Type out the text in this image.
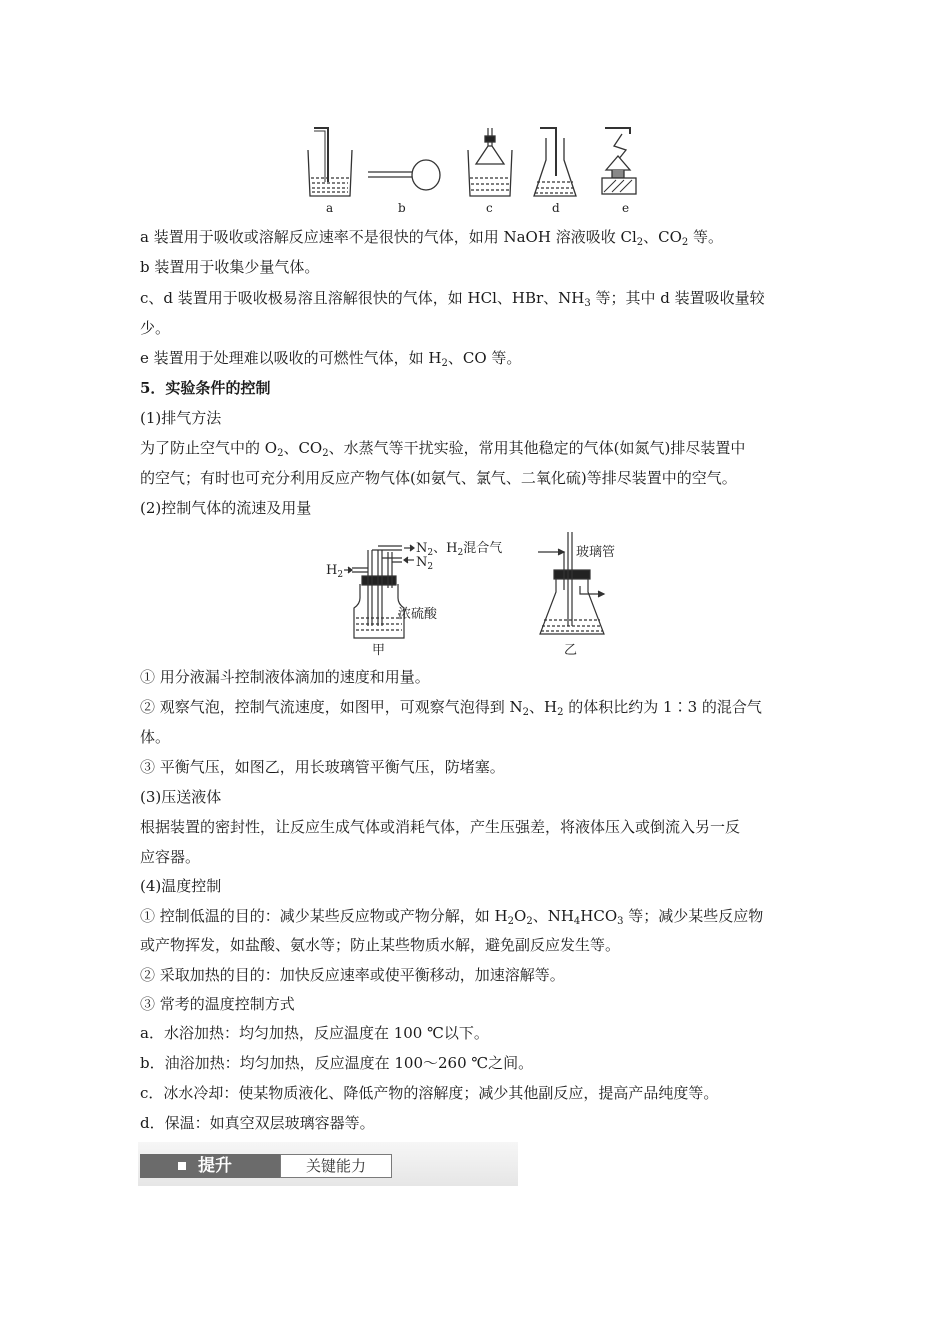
a	b	c	d	e
a 装置用于吸收或溶解反应速率不是很快的气体，如用 NaOH 溶液吸收 $Cl_2$、$CO_2$ 等。
b 装置用于收集少量气体。
c、d 装置用于吸收极易溶且溶解很快的气体，如 HCl、HBr、$NH_3$ 等；其中 d 装置吸收量较
少。
e 装置用于处理难以吸收的可燃性气体，如 $H_2$、CO 等。
5．实验条件的控制
(1)排气方法
为了防止空气中的 $O_2$、$CO_2$、水蒸气等干扰实验，常用其他稳定的气体(如氮气)排尽装置中
的空气；有时也可充分利用反应产物气体(如氨气、氯气、二氧化硫)等排尽装置中的空气。
(2)控制气体的流速及用量
$H_2$
$N_2$、$H_2$混合气
$N_2$
浓硫酸
甲
玻璃管
乙
① 用分液漏斗控制液体滴加的速度和用量。
② 观察气泡，控制气流速度，如图甲，可观察气泡得到 $N_2$、$H_2$ 的体积比约为 1∶3 的混合气
体。
③ 平衡气压，如图乙，用长玻璃管平衡气压，防堵塞。
(3)压送液体
根据装置的密封性，让反应生成气体或消耗气体，产生压强差，将液体压入或倒流入另一反
应容器。
(4)温度控制
① 控制低温的目的：减少某些反应物或产物分解，如 $H_2O_2$、$NH_4HCO_3$ 等；减少某些反应物
或产物挥发，如盐酸、氨水等；防止某些物质水解，避免副反应发生等。
② 采取加热的目的：加快反应速率或使平衡移动，加速溶解等。
③ 常考的温度控制方式
a．水浴加热：均匀加热，反应温度在 100 ℃以下。
b．油浴加热：均匀加热，反应温度在 100～260 ℃之间。
c．冰水冷却：使某物质液化、降低产物的溶解度；减少其他副反应，提高产品纯度等。
d．保温：如真空双层玻璃容器等。
提升	关键能力
